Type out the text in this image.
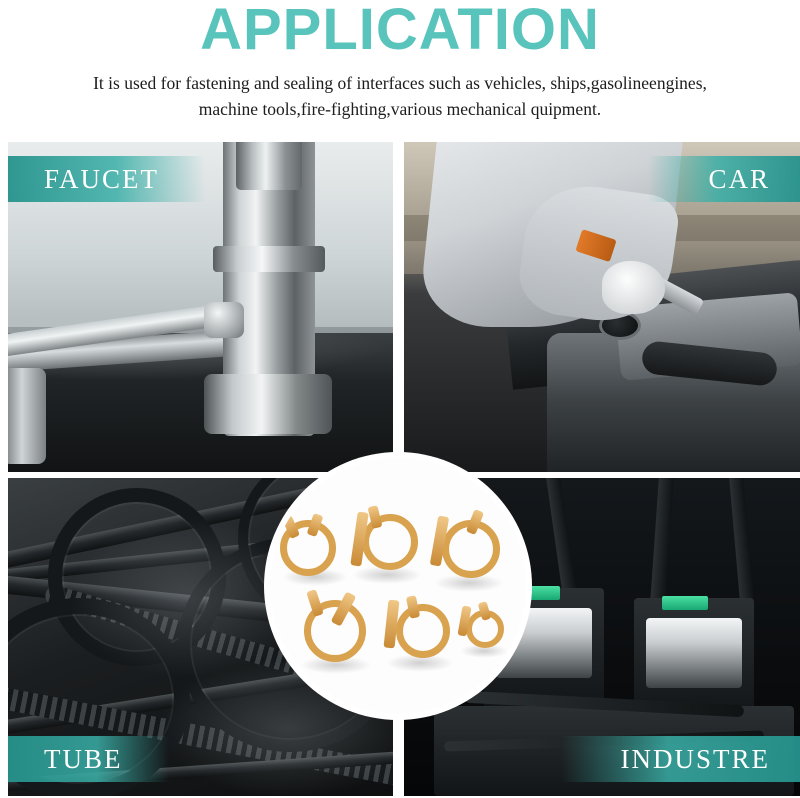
APPLICATION
It is used for fastening and sealing of interfaces such as vehicles, ships,gasolineengines,
machine tools,fire-fighting,various mechanical quipment.
FAUCET	CAR
TUBE	INDUSTRE
